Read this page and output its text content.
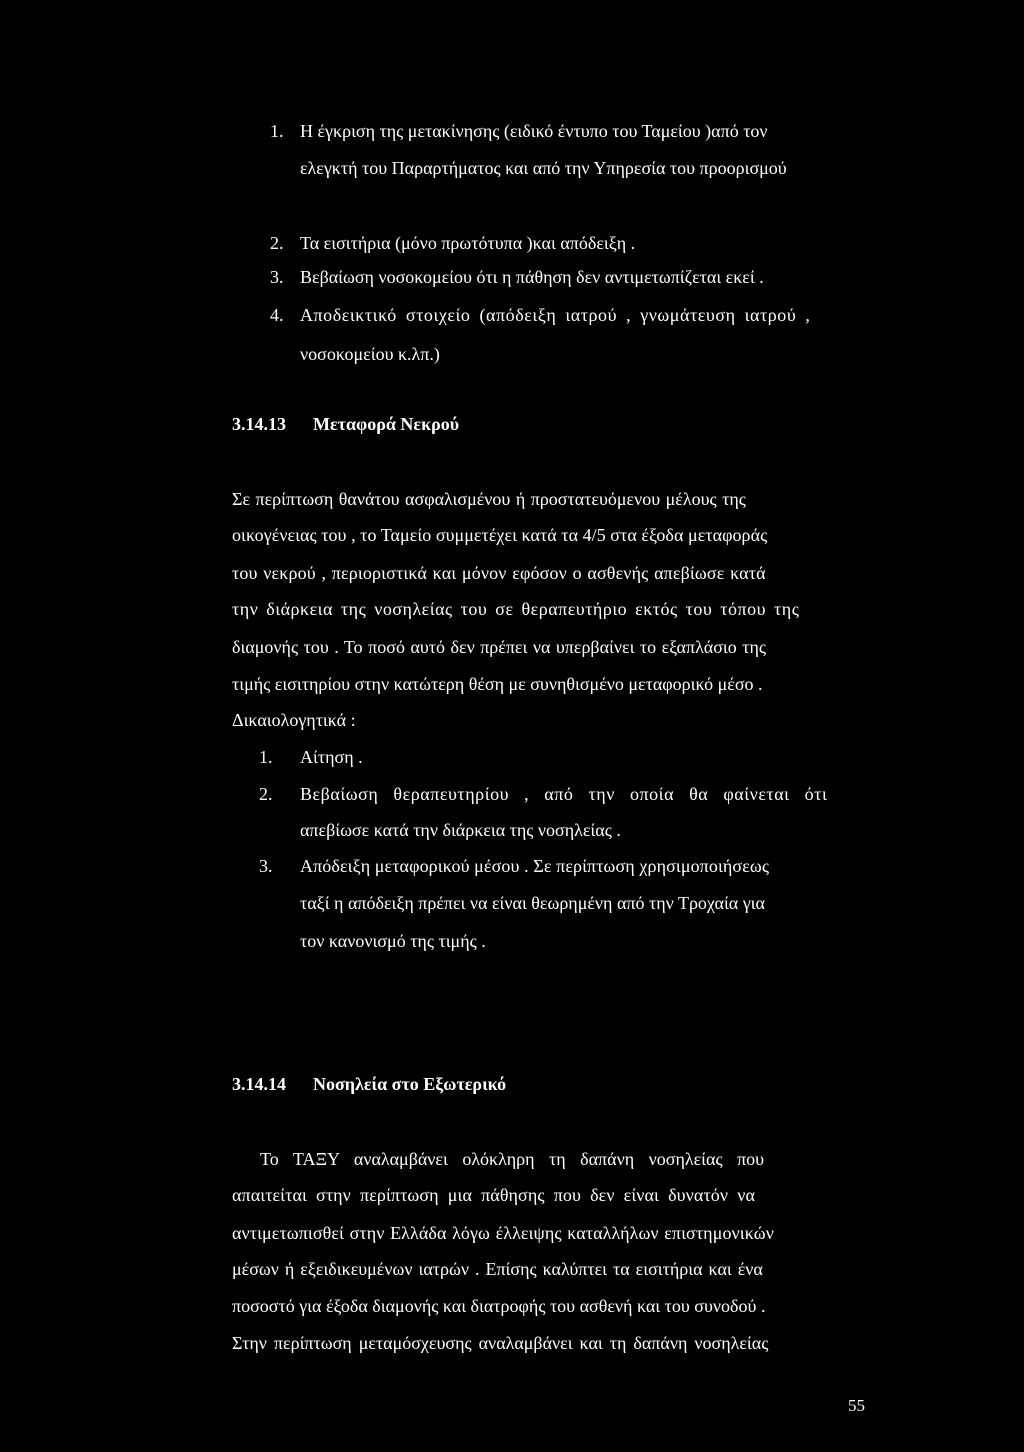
1. Η έγκριση της μετακίνησης (ειδικό έντυπο του Ταμείου )από τον
ελεγκτή του Παραρτήματος και από την Υπηρεσία του προορισμού
2. Τα εισιτήρια (μόνο πρωτότυπα )και απόδειξη .
3. Βεβαίωση νοσοκομείου ότι η πάθηση δεν αντιμετωπίζεται εκεί .
4. Αποδεικτικό στοιχείο (απόδειξη ιατρού , γνωμάτευση ιατρού ,
νοσοκομείου κ.λπ.)
3.14.13 Μεταφορά Νεκρού
Σε περίπτωση θανάτου ασφαλισμένου ή προστατευόμενου μέλους της
οικογένειας του , το Ταμείο συμμετέχει κατά τα 4/5 στα έξοδα μεταφοράς
του νεκρού , περιοριστικά και μόνον εφόσον ο ασθενής απεβίωσε κατά
την διάρκεια της νοσηλείας του σε θεραπευτήριο εκτός του τόπου της
διαμονής του . Το ποσό αυτό δεν πρέπει να υπερβαίνει το εξαπλάσιο της
τιμής εισιτηρίου στην κατώτερη θέση με συνηθισμένο μεταφορικό μέσο .
Δικαιολογητικά :
1. Αίτηση .
2. Βεβαίωση θεραπευτηρίου , από την οποία θα φαίνεται ότι
απεβίωσε κατά την διάρκεια της νοσηλείας .
3. Απόδειξη μεταφορικού μέσου . Σε περίπτωση χρησιμοποιήσεως
ταξί η απόδειξη πρέπει να είναι θεωρημένη από την Τροχαία για
τον κανονισμό της τιμής .
3.14.14 Νοσηλεία στο Εξωτερικό
Το ΤΑΞΥ αναλαμβάνει ολόκληρη τη δαπάνη νοσηλείας που
απαιτείται στην περίπτωση μια πάθησης που δεν είναι δυνατόν να
αντιμετωπισθεί στην Ελλάδα λόγω έλλειψης καταλλήλων επιστημονικών
μέσων ή εξειδικευμένων ιατρών . Επίσης καλύπτει τα εισιτήρια και ένα
ποσοστό για έξοδα διαμονής και διατροφής του ασθενή και του συνοδού .
Στην περίπτωση μεταμόσχευσης αναλαμβάνει και τη δαπάνη νοσηλείας
55
